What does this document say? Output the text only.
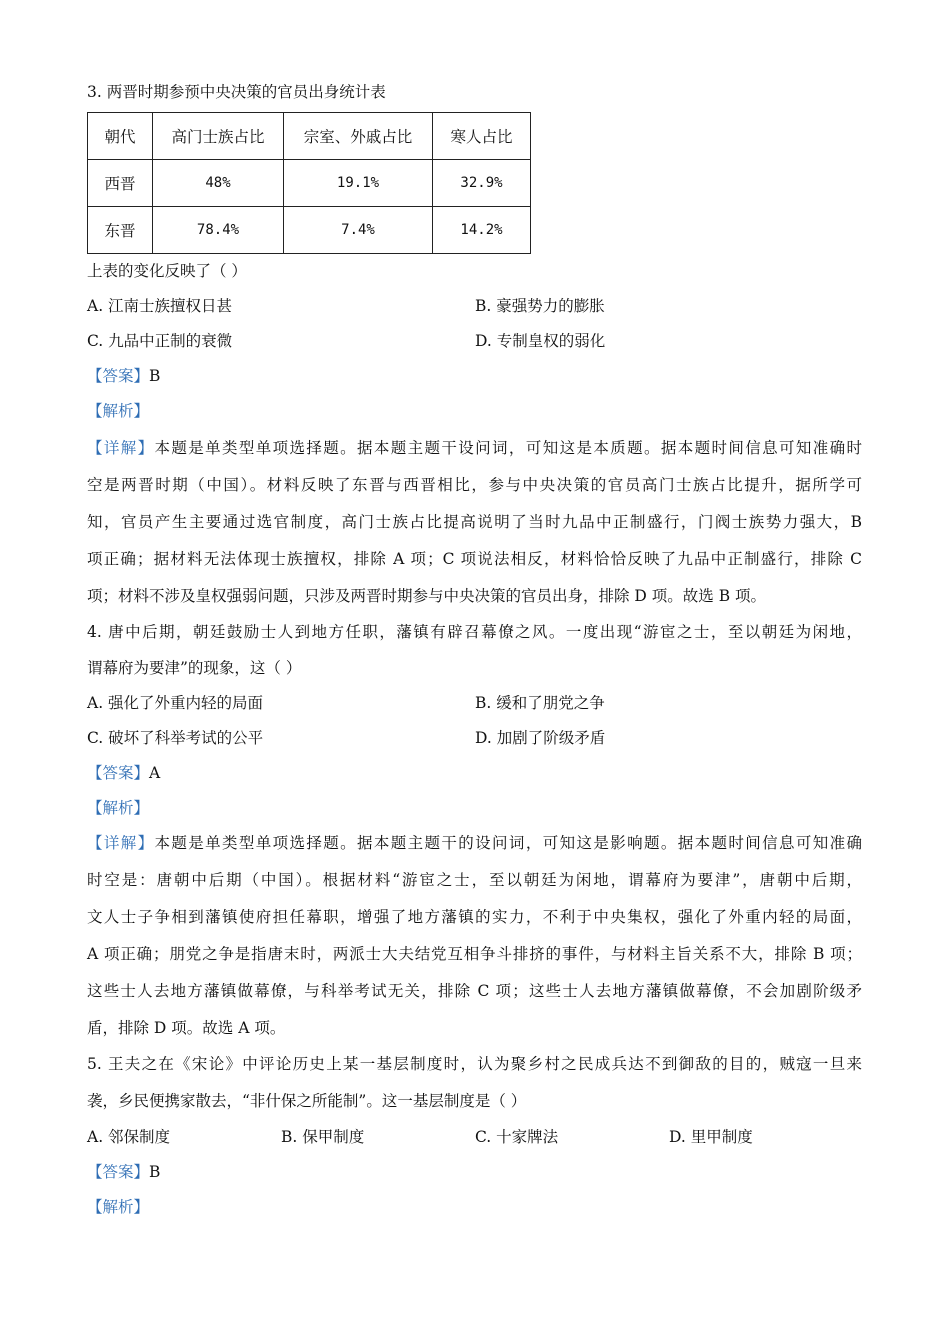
3. 两晋时期参预中央决策的官员出身统计表
朝代	高门士族占比	宗室、外戚占比	寒人占比
西晋	48%	19.1%	32.9%
东晋	78.4%	7.4%	14.2%
上表的变化反映了（ ）
A. 江南士族擅权日甚	B. 豪强势力的膨胀
C. 九品中正制的衰微	D. 专制皇权的弱化
【答案】B
【解析】
【详解】本题是单类型单项选择题。据本题主题干设问词，可知这是本质题。据本题时间信息可知准确时
空是两晋时期（中国）。材料反映了东晋与西晋相比，参与中央决策的官员高门士族占比提升，据所学可
知，官员产生主要通过选官制度，高门士族占比提高说明了当时九品中正制盛行，门阀士族势力强大，B
项正确；据材料无法体现士族擅权，排除 A 项；C 项说法相反，材料恰恰反映了九品中正制盛行，排除 C
项；材料不涉及皇权强弱问题，只涉及两晋时期参与中央决策的官员出身，排除 D 项。故选 B 项。
4. 唐中后期，朝廷鼓励士人到地方任职，藩镇有辟召幕僚之风。一度出现“游宦之士，至以朝廷为闲地，
谓幕府为要津”的现象，这（ ）
A. 强化了外重内轻的局面	B. 缓和了朋党之争
C. 破坏了科举考试的公平	D. 加剧了阶级矛盾
【答案】A
【解析】
【详解】本题是单类型单项选择题。据本题主题干的设问词，可知这是影响题。据本题时间信息可知准确
时空是：唐朝中后期（中国）。根据材料“游宦之士，至以朝廷为闲地，谓幕府为要津”，唐朝中后期，
文人士子争相到藩镇使府担任幕职，增强了地方藩镇的实力，不利于中央集权，强化了外重内轻的局面，
A 项正确；朋党之争是指唐末时，两派士大夫结党互相争斗排挤的事件，与材料主旨关系不大，排除 B 项；
这些士人去地方藩镇做幕僚，与科举考试无关，排除 C 项；这些士人去地方藩镇做幕僚，不会加剧阶级矛
盾，排除 D 项。故选 A 项。
5. 王夫之在《宋论》中评论历史上某一基层制度时，认为聚乡村之民成兵达不到御敌的目的，贼寇一旦来
袭，乡民便携家散去，“非什保之所能制”。这一基层制度是（ ）
A. 邻保制度	B. 保甲制度	C. 十家牌法	D. 里甲制度
【答案】B
【解析】
